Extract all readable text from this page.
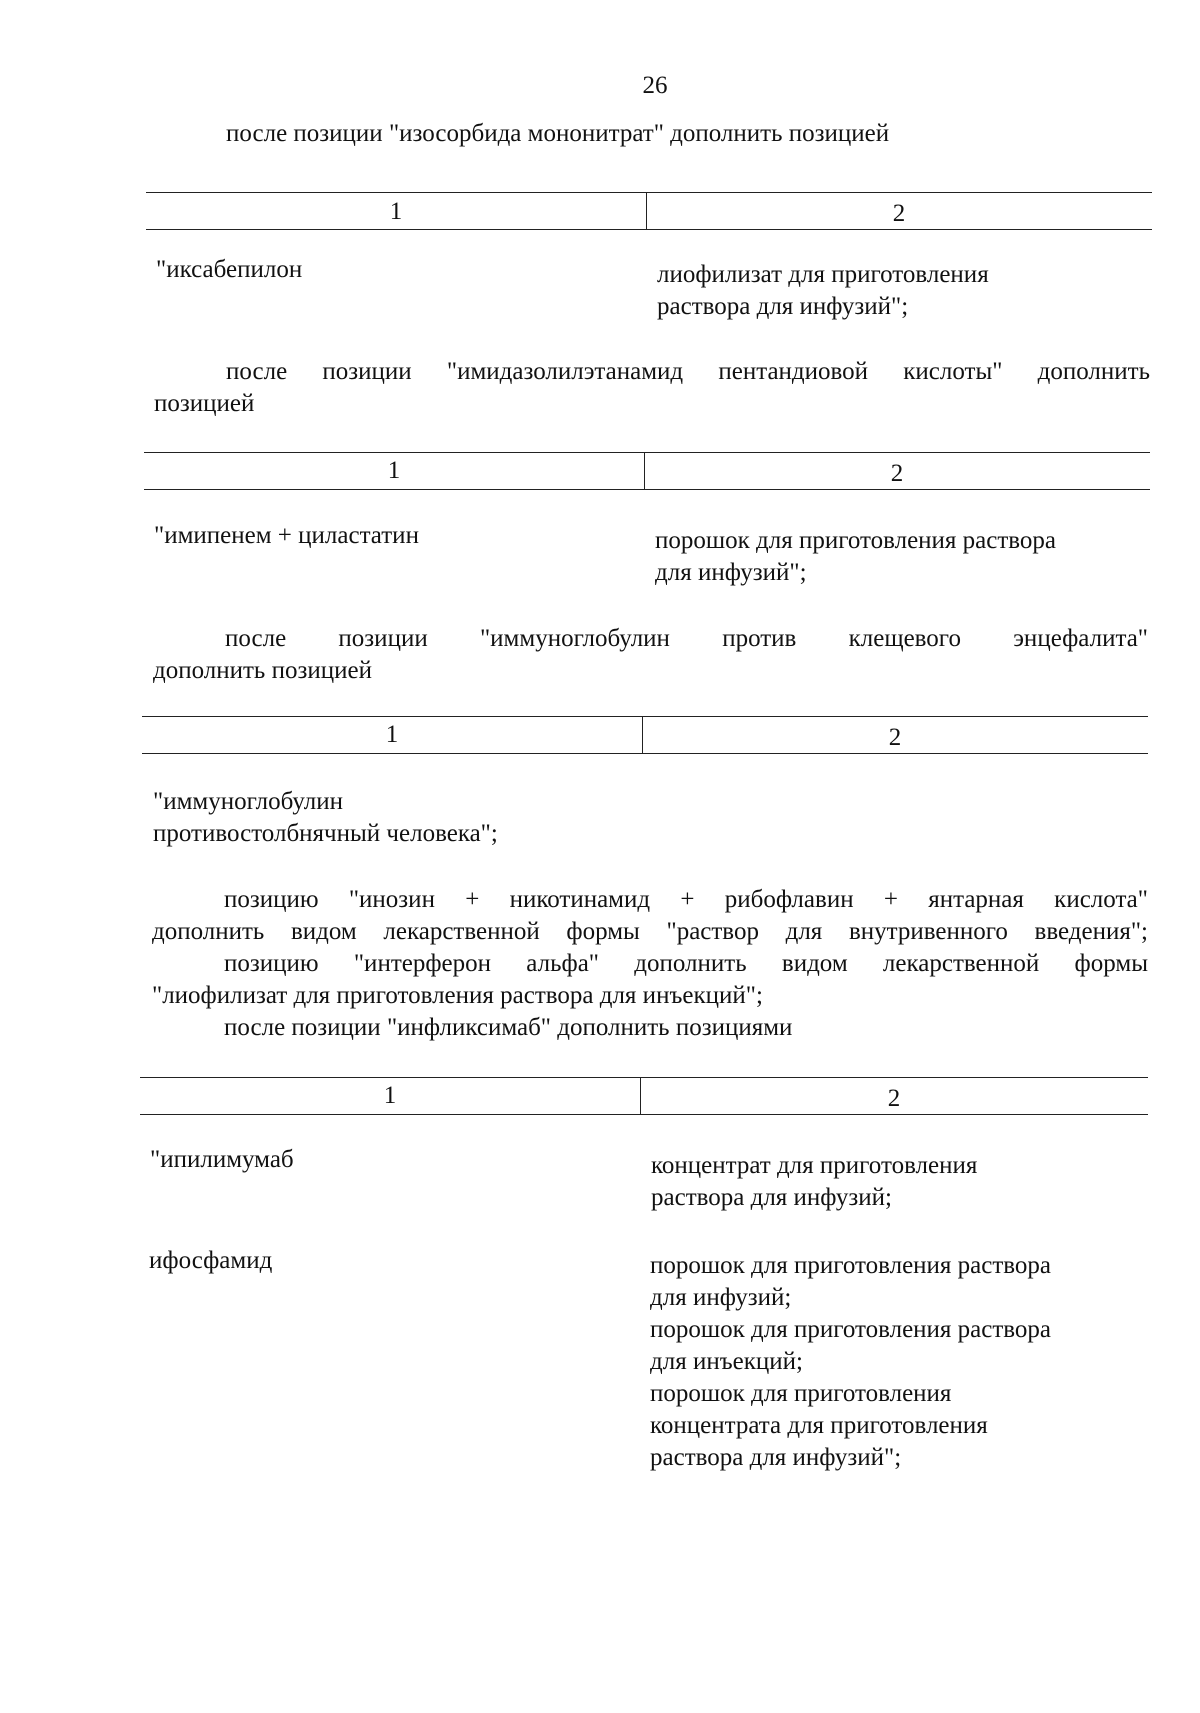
26
после позиции "изосорбида мононитрат" дополнить позицией
1	2
"иксабепилон	лиофилизат для приготовления
раствора для инфузий";
после позиции "имидазолилэтанамид пентандиовой кислоты" дополнить
позицией
1	2
"имипенем + циластатин	порошок для приготовления раствора
для инфузий";
после позиции "иммуноглобулин против клещевого энцефалита"
дополнить позицией
1	2
"иммуноглобулин
противостолбнячный человека";
позицию "инозин + никотинамид + рибофлавин + янтарная кислота"
дополнить видом лекарственной формы "раствор для внутривенного введения";
позицию "интерферон альфа" дополнить видом лекарственной формы
"лиофилизат для приготовления раствора для инъекций";
после позиции "инфликсимаб" дополнить позициями
1	2
"ипилимумаб	концентрат для приготовления
раствора для инфузий;
ифосфамид	порошок для приготовления раствора
для инфузий;
порошок для приготовления раствора
для инъекций;
порошок для приготовления
концентрата для приготовления
раствора для инфузий";
